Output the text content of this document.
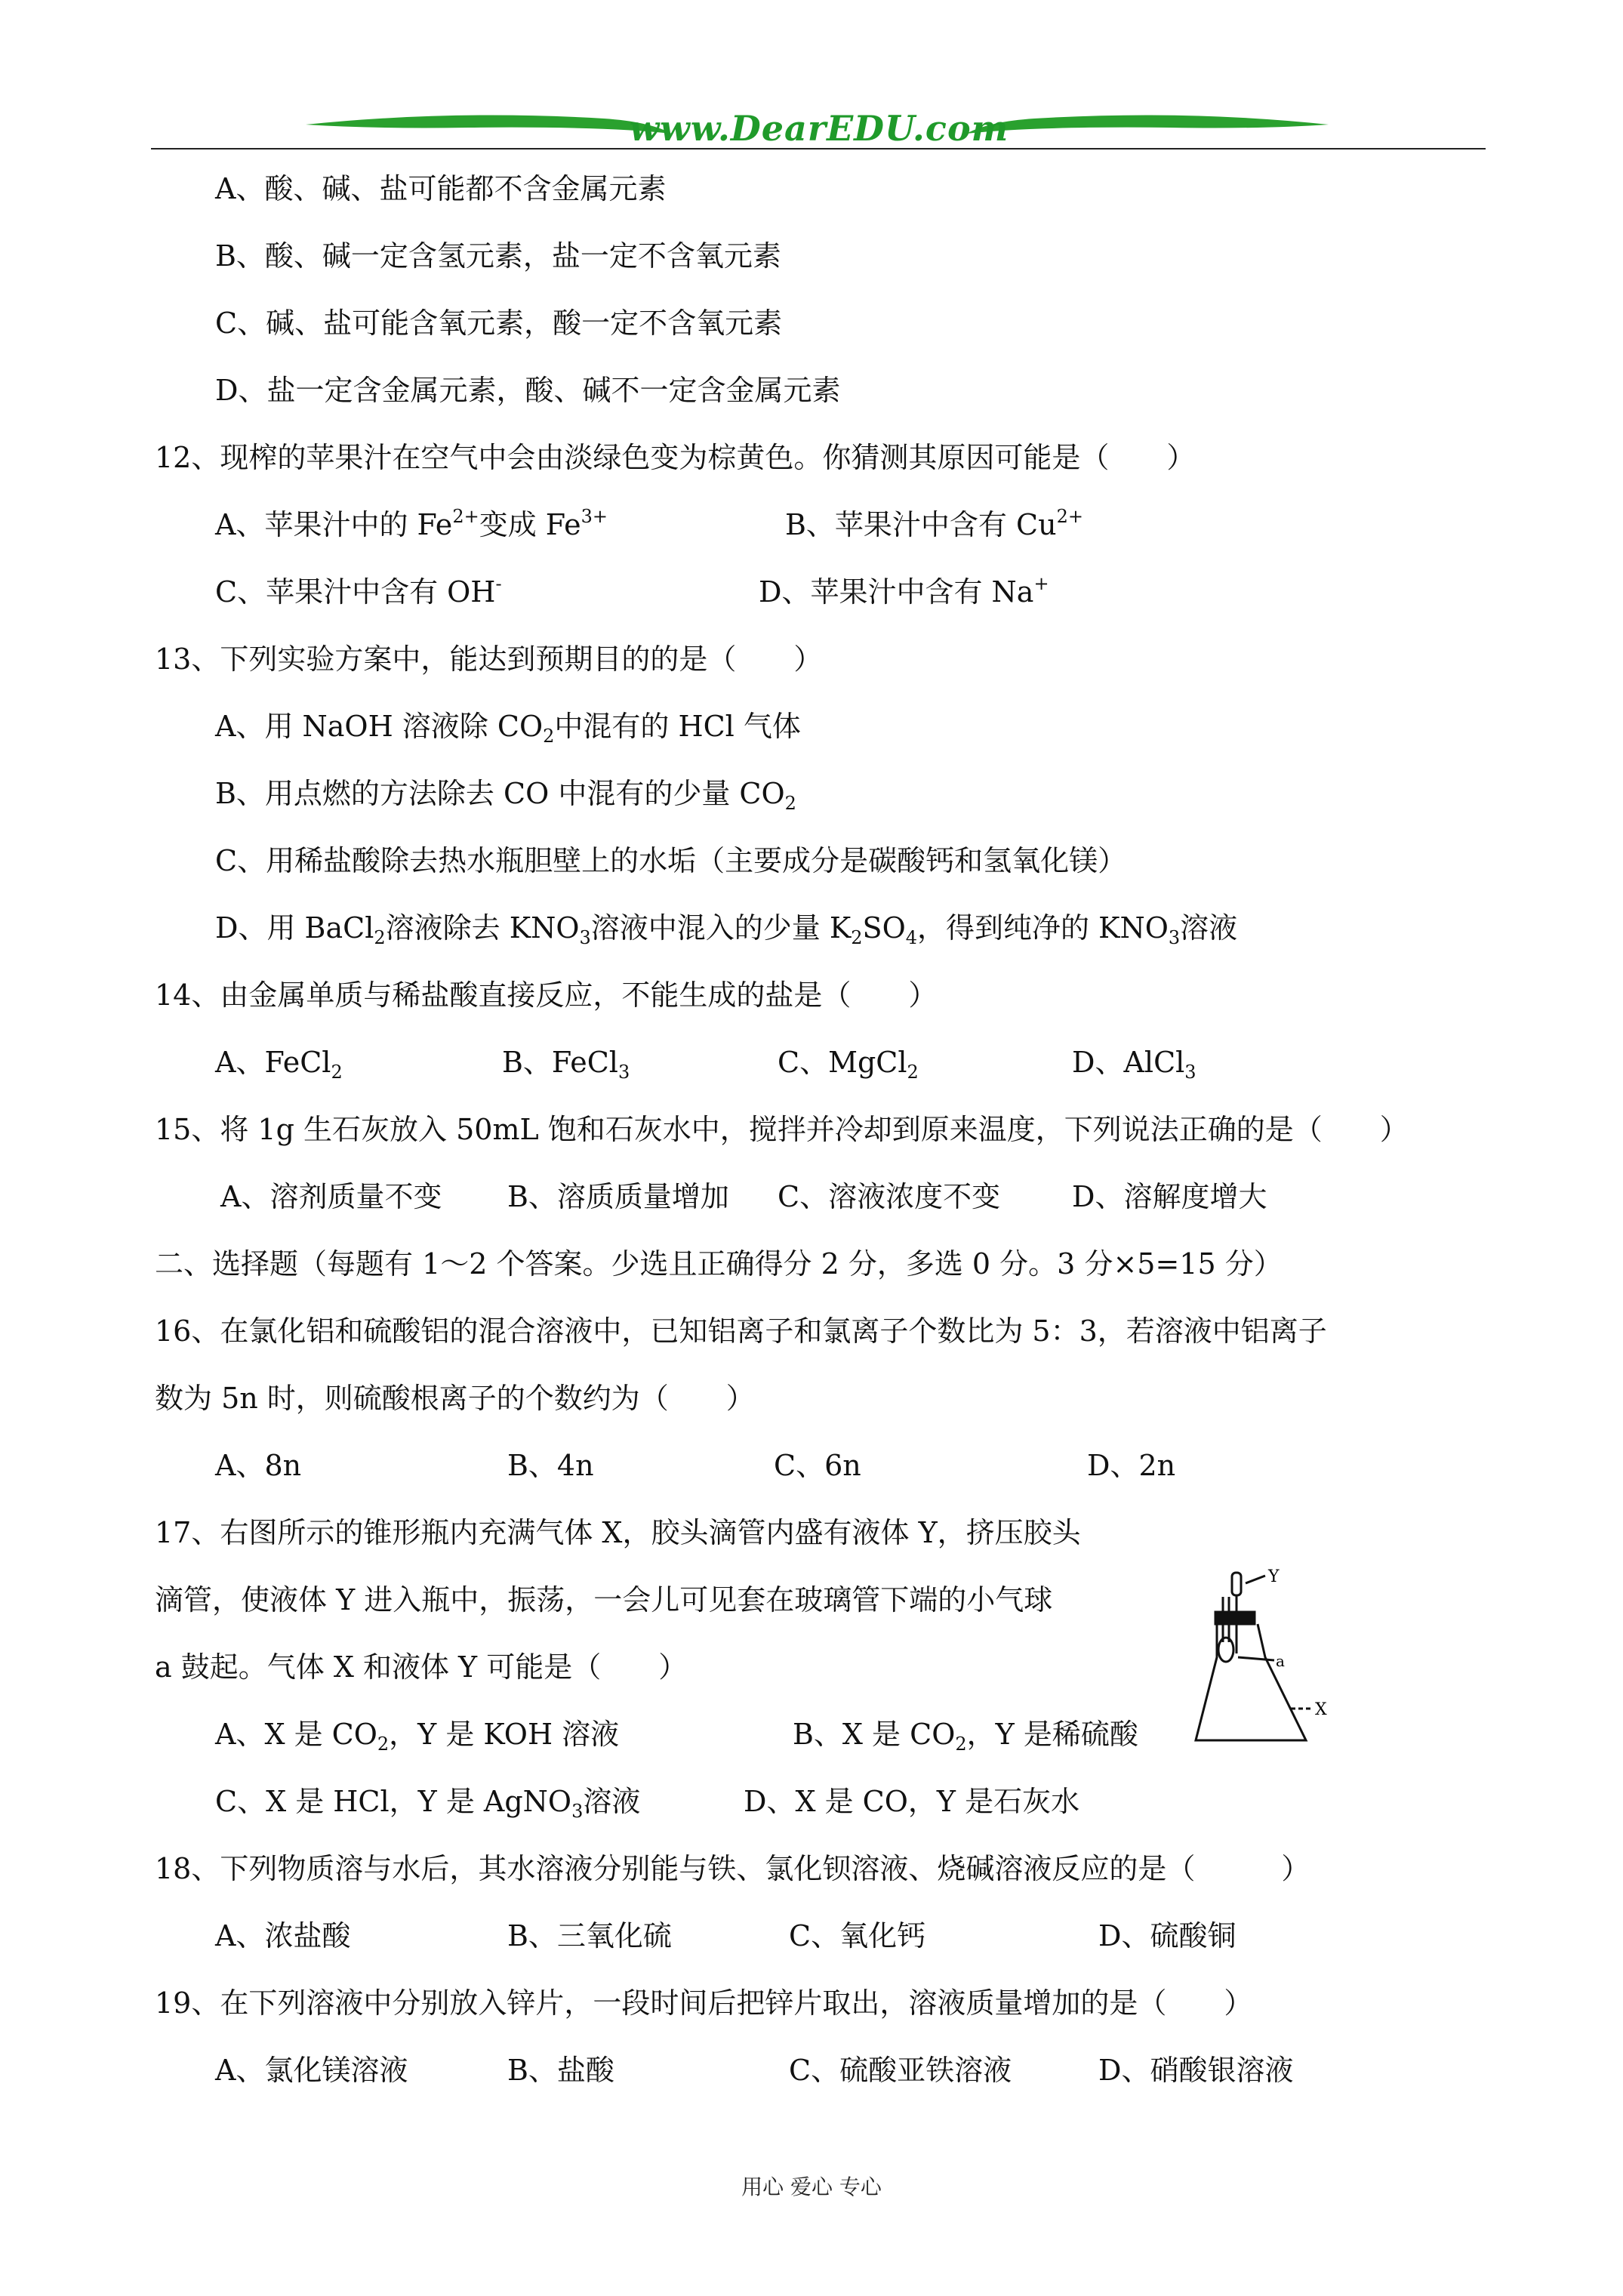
www.DearEDU.com
A、酸、碱、盐可能都不含金属元素
B、酸、碱一定含氢元素，盐一定不含氧元素
C、碱、盐可能含氧元素，酸一定不含氧元素
D、盐一定含金属元素，酸、碱不一定含金属元素
12、现榨的苹果汁在空气中会由淡绿色变为棕黄色。你猜测其原因可能是（　　）
A、苹果汁中的 $Fe^{2+}$变成 $Fe^{3+}$	B、苹果汁中含有 $Cu^{2+}$
C、苹果汁中含有 OH-	D、苹果汁中含有 Na+
13、下列实验方案中，能达到预期目的的是（　　）
A、用 NaOH 溶液除 $CO_2$中混有的 HCl 气体
B、用点燃的方法除去 CO 中混有的少量 $CO_2$
C、用稀盐酸除去热水瓶胆壁上的水垢（主要成分是碳酸钙和氢氧化镁）
D、用 BaCl$_2$溶液除去 $KNO_3$溶液中混入的少量 $K_2SO_4$，得到纯净的 $KNO_3$溶液
14、由金属单质与稀盐酸直接反应，不能生成的盐是（　　）
A、FeCl$_2$	B、FeCl$_3$	C、MgCl$_2$	D、AlCl$_3$
15、将 1g 生石灰放入 50mL 饱和石灰水中，搅拌并冷却到原来温度，下列说法正确的是（　　）
A、溶剂质量不变 B、溶质质量增加 C、溶液浓度不变 D、溶解度增大
二、选择题（每题有 1～2 个答案。少选且正确得分 2 分，多选 0 分。3 分×5=15 分）
16、在氯化铝和硫酸铝的混合溶液中，已知铝离子和氯离子个数比为 5：3，若溶液中铝离子
数为 5n 时，则硫酸根离子的个数约为（　　）
A、8n	B、4n	C、6n	D、2n
17、右图所示的锥形瓶内充满气体 X，胶头滴管内盛有液体 Y，挤压胶头
滴管，使液体 Y 进入瓶中，振荡，一会儿可见套在玻璃管下端的小气球
a 鼓起。气体 X 和液体 Y 可能是（　　）
A、X 是 $CO_2$，Y 是 KOH 溶液	B、X 是 $CO_2$，Y 是稀硫酸
C、X 是 HCl，Y 是 AgNO$_3$溶液	D、X 是 CO，Y 是石灰水
Y
a
X
18、下列物质溶与水后，其水溶液分别能与铁、氯化钡溶液、烧碱溶液反应的是（　　　）
A、浓盐酸	B、三氧化硫	C、氧化钙	D、硫酸铜
19、在下列溶液中分别放入锌片，一段时间后把锌片取出，溶液质量增加的是（　　）
A、氯化镁溶液	B、盐酸	C、硫酸亚铁溶液	D、硝酸银溶液
用心 爱心 专心
